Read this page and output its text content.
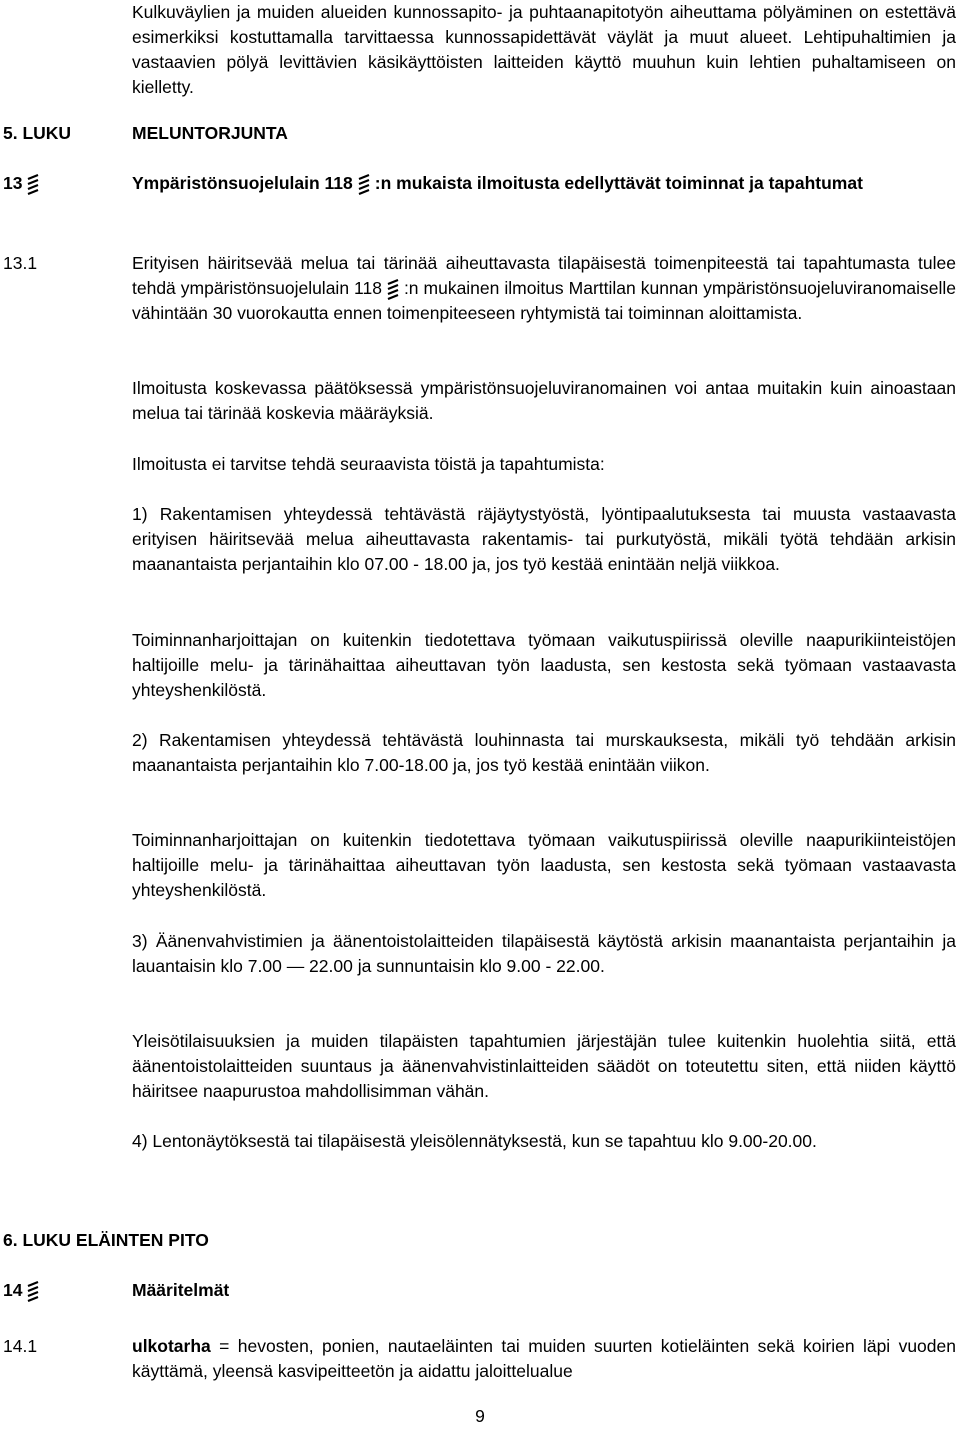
Kulkuväylien ja muiden alueiden kunnossapito- ja puhtaanapitotyön aiheuttama pölyäminen on estettävä esimerkiksi kostuttamalla tarvittaessa kunnossapidettävät väylät ja muut alueet. Lehtipuhaltimien ja vastaavien pölyä levittävien käsikäyttöisten laitteiden käyttö muuhun kuin lehtien puhaltamiseen on kielletty.

5. LUKU	MELUNTORJUNTA
13	Ympäristönsuojelulain 118 :n mukaista ilmoitusta edellyttävät toiminnat ja tapahtumat
13.1	Erityisen häiritsevää melua tai tärinää aiheuttavasta tilapäisestä toimenpiteestä tai tapahtumasta tulee tehdä ympäristönsuojelulain 118 :n mukainen ilmoitus Marttilan kunnan ympäristönsuojeluviranomaiselle vähintään 30 vuorokautta ennen toimenpiteeseen ryhtymistä tai toiminnan aloittamista.

Ilmoitusta koskevassa päätöksessä ympäristönsuojeluviranomainen voi antaa muitakin kuin ainoastaan melua tai tärinää koskevia määräyksiä.

Ilmoitusta ei tarvitse tehdä seuraavista töistä ja tapahtumista:

1) Rakentamisen yhteydessä tehtävästä räjäytystyöstä, lyöntipaalutuksesta tai muusta vastaavasta erityisen häiritsevää melua aiheuttavasta rakentamis- tai purkutyöstä, mikäli työtä tehdään arkisin maanantaista perjantaihin klo 07.00 - 18.00 ja, jos työ kestää enintään neljä viikkoa.

Toiminnanharjoittajan on kuitenkin tiedotettava työmaan vaikutuspiirissä oleville naapurikiinteistöjen haltijoille melu- ja tärinähaittaa aiheuttavan työn laadusta, sen kestosta sekä työmaan vastaavasta yhteyshenkilöstä.

2) Rakentamisen yhteydessä tehtävästä louhinnasta tai murskauksesta, mikäli työ tehdään arkisin maanantaista perjantaihin klo 7.00-18.00 ja, jos työ kestää enintään viikon.

Toiminnanharjoittajan on kuitenkin tiedotettava työmaan vaikutuspiirissä oleville naapurikiinteistöjen haltijoille melu- ja tärinähaittaa aiheuttavan työn laadusta, sen kestosta sekä työmaan vastaavasta yhteyshenkilöstä.

3) Äänenvahvistimien ja äänentoistolaitteiden tilapäisestä käytöstä arkisin maanantaista perjantaihin ja lauantaisin klo 7.00 — 22.00 ja sunnuntaisin klo 9.00 - 22.00.

Yleisötilaisuuksien ja muiden tilapäisten tapahtumien järjestäjän tulee kuitenkin huolehtia siitä, että äänentoistolaitteiden suuntaus ja äänenvahvistinlaitteiden säädöt on toteutettu siten, että niiden käyttö häiritsee naapurustoa mahdollisimman vähän.

4) Lentonäytöksestä tai tilapäisestä yleisölennätyksestä, kun se tapahtuu klo 9.00-20.00.

6. LUKU ELÄINTEN PITO
14	Määritelmät
14.1	ulkotarha = hevosten, ponien, nautaeläinten tai muiden suurten kotieläinten sekä koirien läpi vuoden käyttämä, yleensä kasvipeitteetön ja aidattu jaloittelualue
9
